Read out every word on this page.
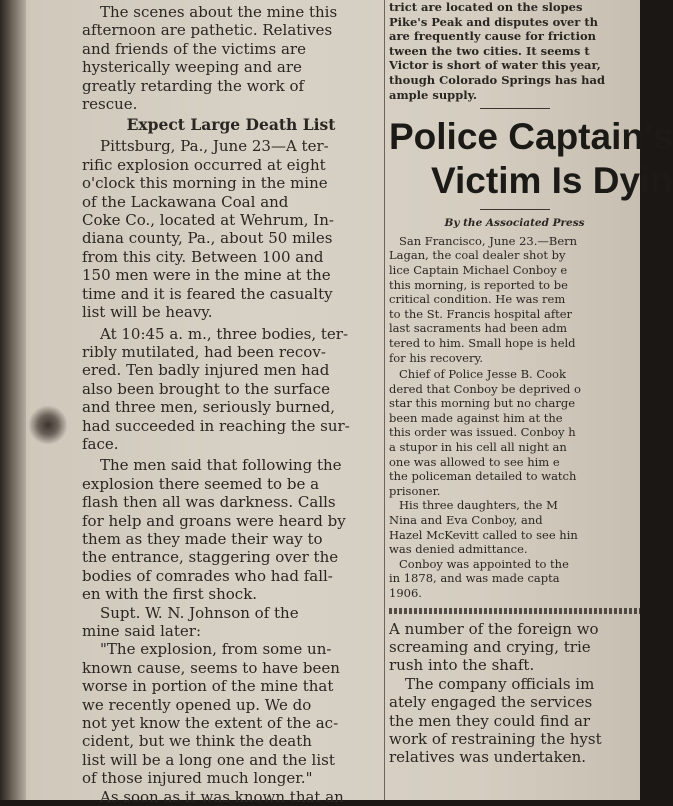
The scenes about the mine this

afternoon are pathetic. Relatives

and friends of the victims are

hysterically weeping and are

greatly retarding the work of

rescue.

Expect Large Death List

Pittsburg, Pa., June 23—A ter-

rific explosion occurred at eight

o'clock this morning in the mine

of the Lackawana Coal and

Coke Co., located at Wehrum, In-

diana county, Pa., about 50 miles

from this city. Between 100 and

150 men were in the mine at the

time and it is feared the casualty

list will be heavy.

At 10:45 a. m., three bodies, ter-

ribly mutilated, had been recov-

ered. Ten badly injured men had

also been brought to the surface

and three men, seriously burned,

had succeeded in reaching the sur-

face.

The men said that following the

explosion there seemed to be a

flash then all was darkness. Calls

for help and groans were heard by

them as they made their way to

the entrance, staggering over the

bodies of comrades who had fall-

en with the first shock.

Supt. W. N. Johnson of the

mine said later:

"The explosion, from some un-

known cause, seems to have been

worse in portion of the mine that

we recently opened up. We do

not yet know the extent of the ac-

cident, but we think the death

list will be a long one and the list

of those injured much longer."

As soon as it was known that an

trict are located on the slopes

Pike's Peak and disputes over th

are frequently cause for friction

tween the two cities. It seems t

Victor is short of water this year,

though Colorado Springs has had

ample supply.

Police Captain's
Victim Is Dyin
By the Associated Press

San Francisco, June 23.—Bern

Lagan, the coal dealer shot by

lice Captain Michael Conboy e

this morning, is reported to be

critical condition. He was rem

to the St. Francis hospital after

last sacraments had been adm

tered to him. Small hope is held

for his recovery.

Chief of Police Jesse B. Cook

dered that Conboy be deprived o

star this morning but no charge

been made against him at the

this order was issued. Conboy h

a stupor in his cell all night an

one was allowed to see him e

the policeman detailed to watch

prisoner.

His three daughters, the M

Nina and Eva Conboy, and

Hazel McKevitt called to see hin

was denied admittance.

Conboy was appointed to the

in 1878, and was made capta

1906.

A number of the foreign wo

screaming and crying, trie

rush into the shaft.

The company officials im

ately engaged the services

the men they could find ar

work of restraining the hyst

relatives was undertaken.
